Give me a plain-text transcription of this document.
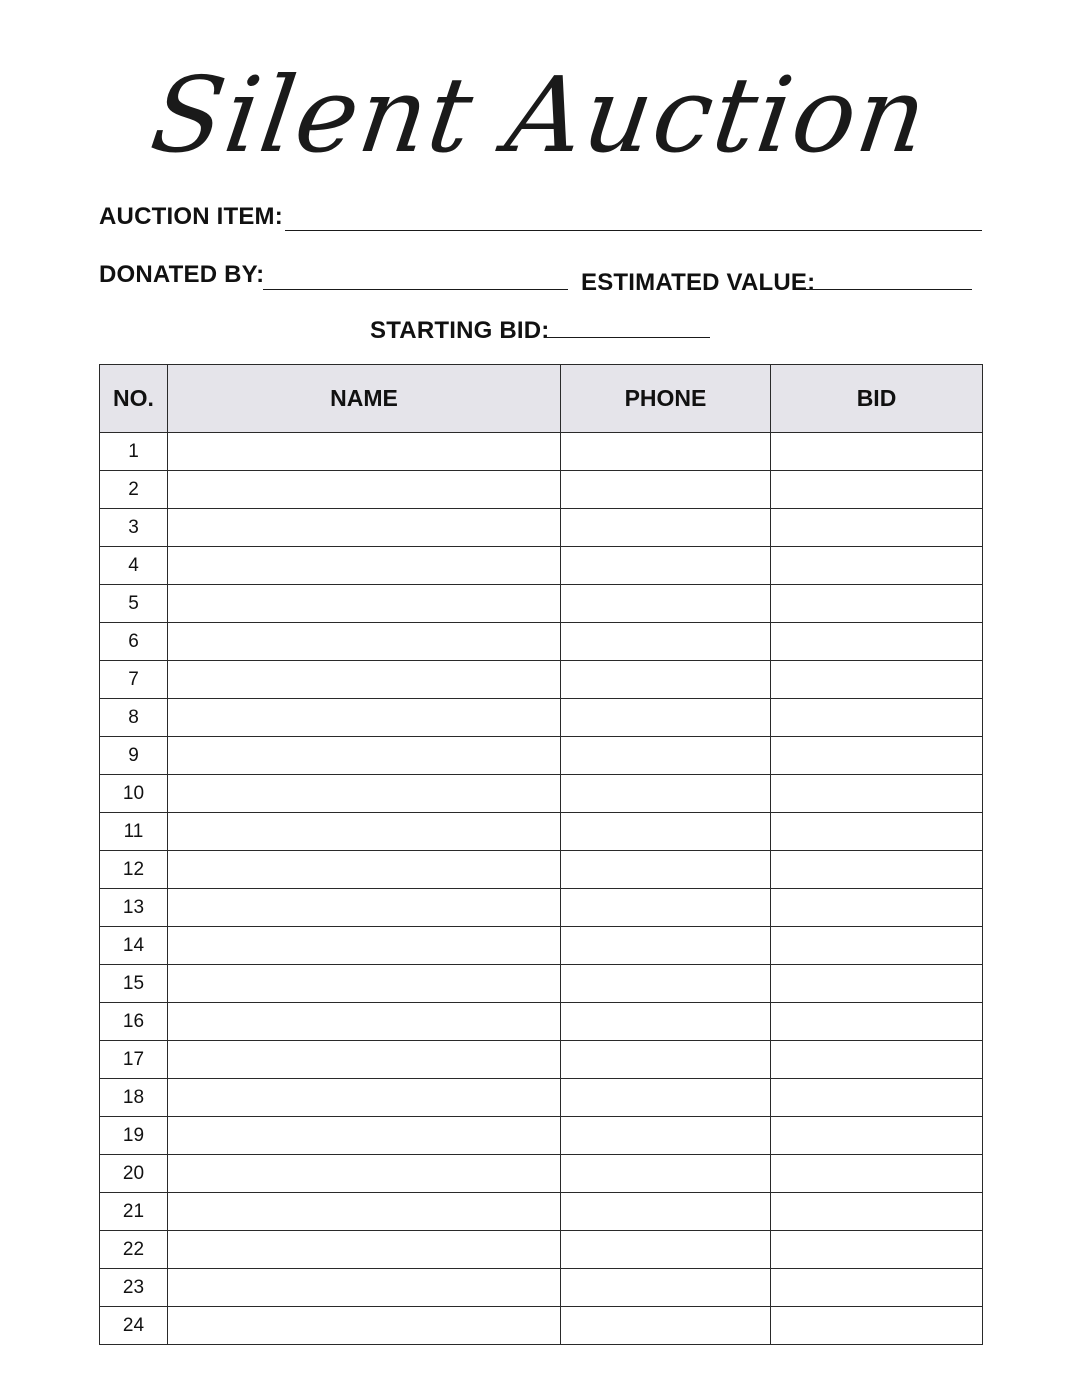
Silent Auction
AUCTION ITEM:
DONATED BY:	ESTIMATED VALUE:
STARTING BID:
NO.	NAME	PHONE	BID
1			
2			
3			
4			
5			
6			
7			
8			
9			
10			
11			
12			
13			
14			
15			
16			
17			
18			
19			
20			
21			
22			
23			
24			
